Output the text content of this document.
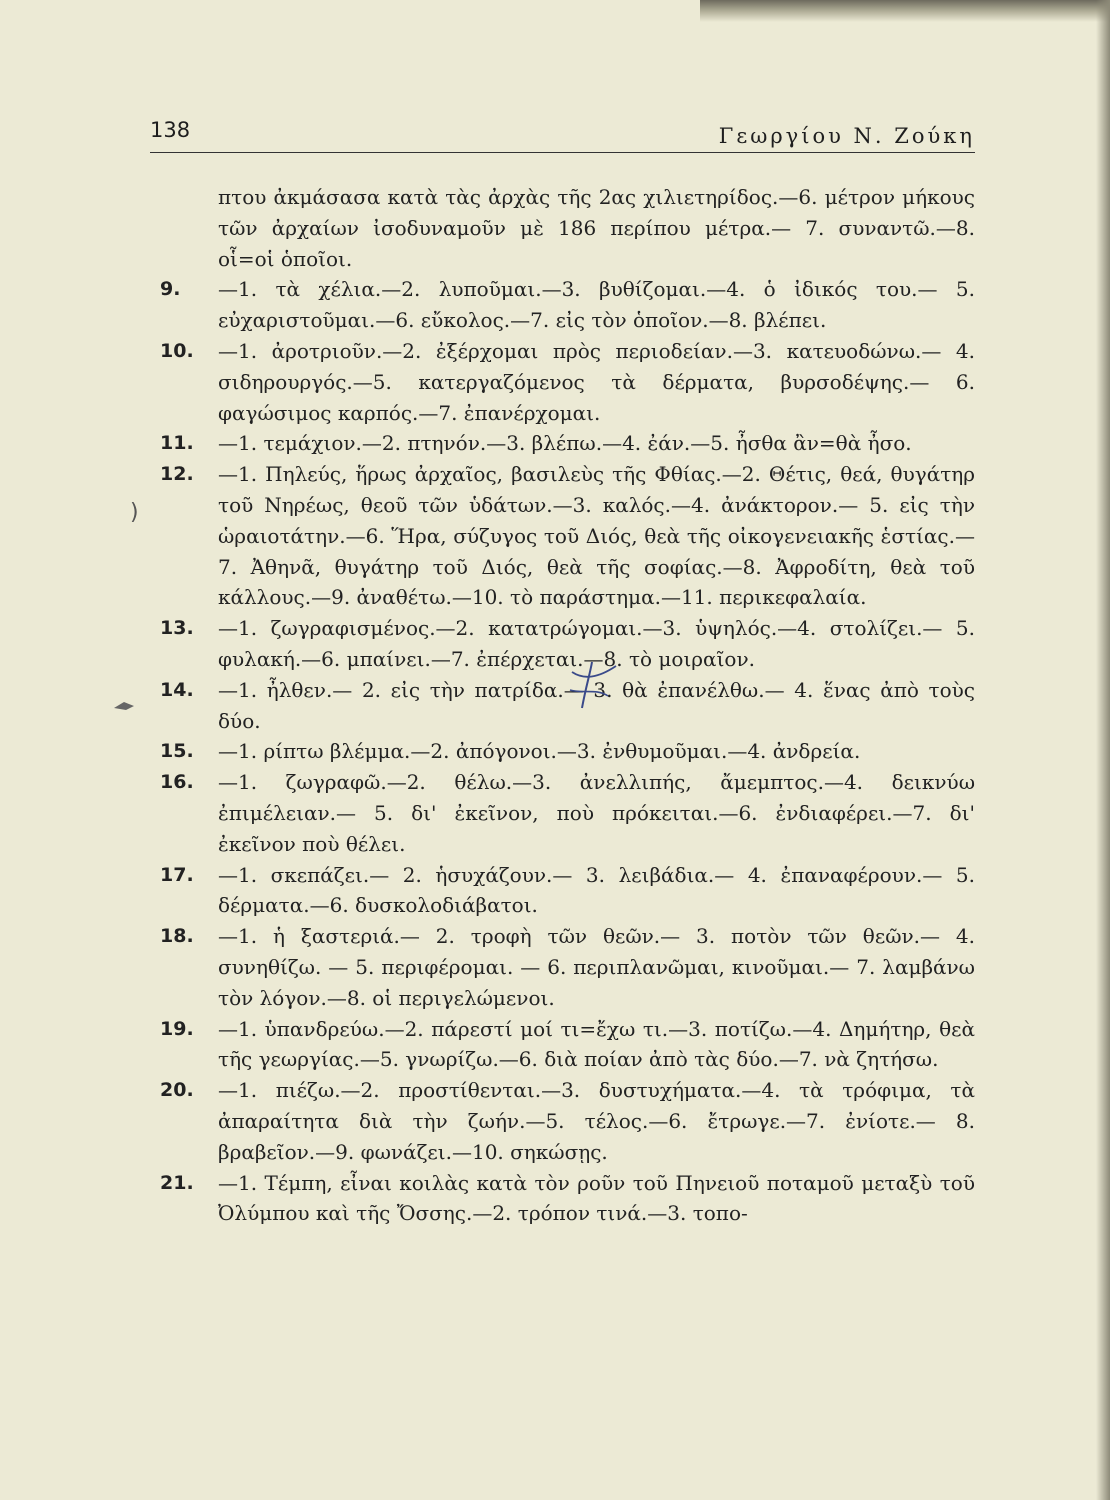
138	Γεωργίου Ν. Ζούκη

πτου ἀκμάσασα κατὰ τὰς ἀρχὰς τῆς 2ας χιλιετηρίδος.—6. μέτρον μήκους τῶν ἀρχαίων ἰσοδυναμοῦν μὲ 186 περίπου μέτρα.— 7. συναντῶ.—8. οἷ=οἱ ὁποῖοι.

9. —1. τὰ χέλια.—2. λυποῦμαι.—3. βυθίζομαι.—4. ὁ ἰδικός του.— 5. εὐχαριστοῦμαι.—6. εὔκολος.—7. εἰς τὸν ὁποῖον.—8. βλέπει.

10. —1. ἀροτριοῦν.—2. ἐξέρχομαι πρὸς περιοδείαν.—3. κατευοδώνω.— 4. σιδηρουργός.—5. κατεργαζόμενος τὰ δέρματα, βυρσοδέψης.— 6. φαγώσιμος καρπός.—7. ἐπανέρχομαι.

11. —1. τεμάχιον.—2. πτηνόν.—3. βλέπω.—4. ἐάν.—5. ἦσθα ἂν=θὰ ἦσο.

12. —1. Πηλεύς, ἥρως ἀρχαῖος, βασιλεὺς τῆς Φθίας.—2. Θέτις, θεά, θυγάτηρ τοῦ Νηρέως, θεοῦ τῶν ὑδάτων.—3. καλός.—4. ἀνάκτορον.— 5. εἰς τὴν ὡραιοτάτην.—6. Ἥρα, σύζυγος τοῦ Διός, θεὰ τῆς οἰκογενειακῆς ἑστίας.—7. Ἀθηνᾶ, θυγάτηρ τοῦ Διός, θεὰ τῆς σοφίας.—8. Ἀφροδίτη, θεὰ τοῦ κάλλους.—9. ἀναθέτω.—10. τὸ παράστημα.—11. περικεφαλαία.

13. —1. ζωγραφισμένος.—2. κατατρώγομαι.—3. ὑψηλός.—4. στολίζει.— 5. φυλακή.—6. μπαίνει.—7. ἐπέρχεται.—8. τὸ μοιραῖον.

14. —1. ἦλθεν.— 2. εἰς τὴν πατρίδα.— 3. θὰ ἐπανέλθω.— 4. ἕνας ἀπὸ τοὺς δύο.

15. —1. ρίπτω βλέμμα.—2. ἀπόγονοι.—3. ἐνθυμοῦμαι.—4. ἀνδρεία.

16. —1. ζωγραφῶ.—2. θέλω.—3. ἀνελλιπής, ἄμεμπτος.—4. δεικνύω ἐπιμέλειαν.— 5. δι' ἐκεῖνον, ποὺ πρόκειται.—6. ἐνδιαφέρει.—7. δι' ἐκεῖνον ποὺ θέλει.

17. —1. σκεπάζει.— 2. ἡσυχάζουν.— 3. λειβάδια.— 4. ἐπαναφέρουν.— 5. δέρματα.—6. δυσκολοδιάβατοι.

18. —1. ἡ ξαστεριά.— 2. τροφὴ τῶν θεῶν.— 3. ποτὸν τῶν θεῶν.— 4. συνηθίζω. — 5. περιφέρομαι. — 6. περιπλανῶμαι, κινοῦμαι.— 7. λαμβάνω τὸν λόγον.—8. οἱ περιγελώμενοι.

19. —1. ὑπανδρεύω.—2. πάρεστί μοί τι=ἔχω τι.—3. ποτίζω.—4. Δημήτηρ, θεὰ τῆς γεωργίας.—5. γνωρίζω.—6. διὰ ποίαν ἀπὸ τὰς δύο.—7. νὰ ζητήσω.

20. —1. πιέζω.—2. προστίθενται.—3. δυστυχήματα.—4. τὰ τρόφιμα, τὰ ἀπαραίτητα διὰ τὴν ζωήν.—5. τέλος.—6. ἔτρωγε.—7. ἐνίοτε.— 8. βραβεῖον.—9. φωνάζει.—10. σηκώσῃς.

21. —1. Τέμπη, εἶναι κοιλὰς κατὰ τὸν ροῦν τοῦ Πηνειοῦ ποταμοῦ μεταξὺ τοῦ Ὀλύμπου καὶ τῆς Ὄσσης.—2. τρόπον τινά.—3. τοπο-

)
